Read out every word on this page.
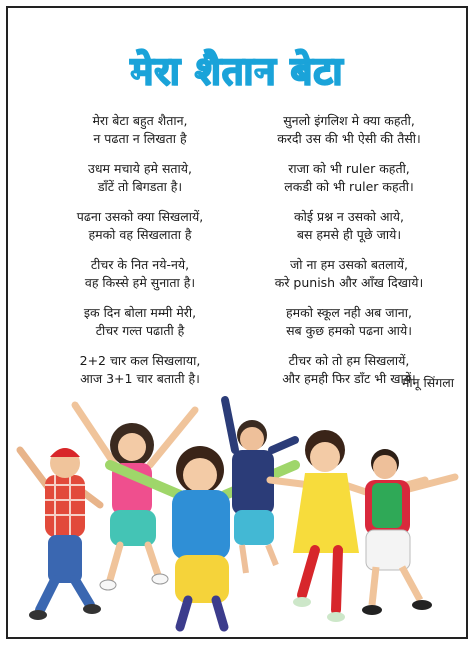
मेरा शैतान बेटा
मेरा बेटा बहुत शैतान,
न पढता न लिखता है
उधम मचाये हमे सताये,
डाँटें तो बिगडता है।
पढना उसको क्या सिखलायें,
हमको वह सिखलाता है
टीचर के नित नये-नये,
वह किस्से हमे सुनाता है।
इक दिन बोला मम्मी मेरी,
टीचर गल्त पढाती है
2+2 चार कल सिखलाया,
आज 3+1 चार बताती है।
सुनलो इंगलिश मे क्या कहती,
करदी उस की भी ऐसी की तैसी।
राजा को भी ruler कहती,
लकडी को भी ruler कहती।
कोई प्रश्न न उसको आये,
बस हमसे ही पूछे जाये।
जो ना हम उसको बतलायें,
करे punish और आँख दिखाये।
हमको स्कूल नही अब जाना,
सब कुछ हमको पढना आये।
टीचर को तो हम सिखलायें,
और हमही फिर डाँट भी खायें।
मीनू सिंगला
